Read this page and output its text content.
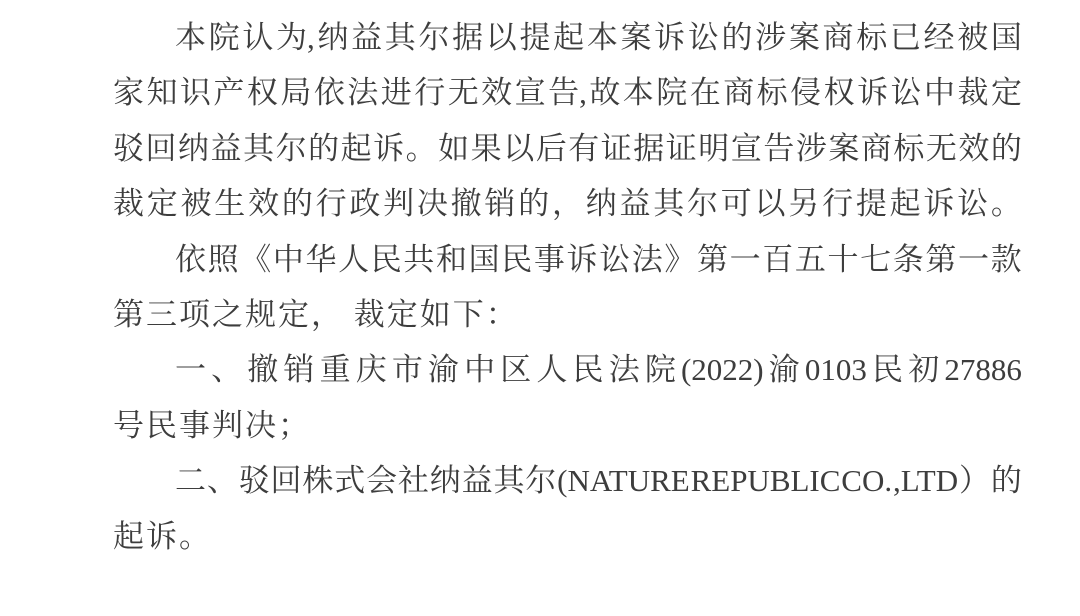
本 院 认 为, 纳 益 其 尔 据 以 提 起 本 案 诉 讼 的 涉 案 商 标 已 经 被 国
家 知 识 产 权 局 依 法 进 行 无 效 宣 告, 故 本 院 在 商 标 侵 权 诉 讼 中 裁 定
驳 回 纳 益 其 尔 的 起 诉 。 如 果 以 后 有 证 据 证 明 宣 告 涉 案 商 标 无 效 的
裁 定 被 生 效 的 行 政 判 决 撤 销 的 ， 纳 益 其 尔 可 以 另 行 提 起 诉 讼 。
依 照 《 中 华 人 民 共 和 国 民 事 诉 讼 法 》 第 一 百 五 十 七 条 第 一 款
第三项之规定， 裁定如下：
一 、 撤 销 重 庆 市 渝 中 区 人 民 法 院 (2022) 渝 0103 民 初 27886
号民事判决；
二 、 驳 回 株 式 会 社 纳 益 其 尔 (NATURE REPUBLIC CO. ,LTD ） 的
起诉。
